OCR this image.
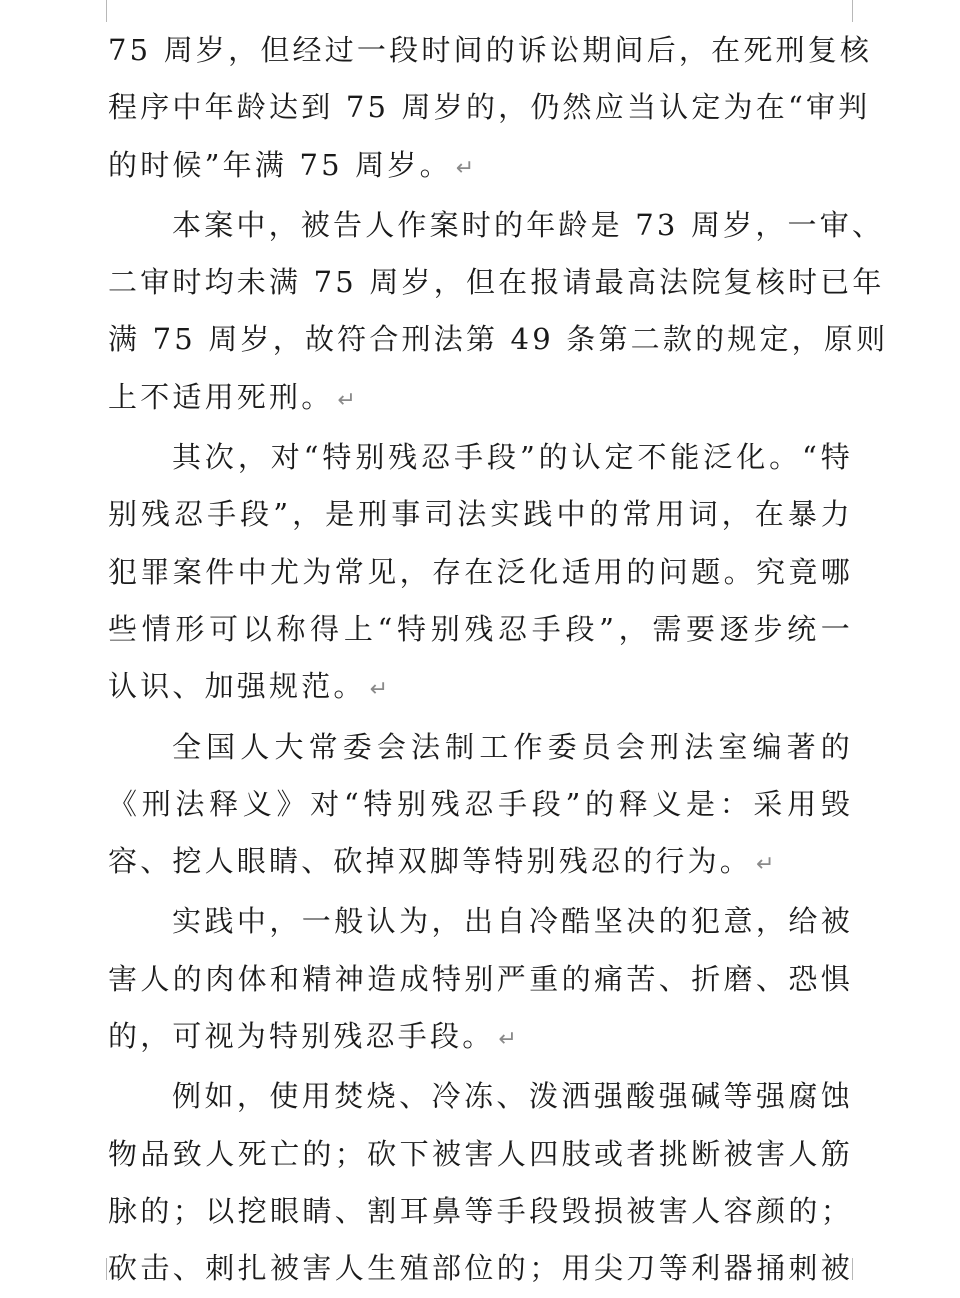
75 周岁，但经过一段时间的诉讼期间后，在死刑复核
程序中年龄达到 75 周岁的，仍然应当认定为在“审判
的时候”年满 75 周岁。 ↵

本案中，被告人作案时的年龄是 73 周岁，一审、
二审时均未满 75 周岁，但在报请最高法院复核时已年
满 75 周岁，故符合刑法第 49 条第二款的规定，原则
上不适用死刑。 ↵

其次，对“特别残忍手段”的认定不能泛化。“特
别残忍手段”，是刑事司法实践中的常用词，在暴力
犯罪案件中尤为常见，存在泛化适用的问题。究竟哪
些情形可以称得上“特别残忍手段”，需要逐步统一
认识、加强规范。 ↵

全国人大常委会法制工作委员会刑法室编著的
《刑法释义》对“特别残忍手段”的释义是：采用毁
容、挖人眼睛、砍掉双脚等特别残忍的行为。 ↵

实践中，一般认为，出自冷酷坚决的犯意，给被
害人的肉体和精神造成特别严重的痛苦、折磨、恐惧
的，可视为特别残忍手段。 ↵

例如，使用焚烧、冷冻、泼洒强酸强碱等强腐蚀
物品致人死亡的；砍下被害人四肢或者挑断被害人筋
脉的；以挖眼睛、割耳鼻等手段毁损被害人容颜的；
砍击、刺扎被害人生殖部位的；用尖刀等利器捅刺被
